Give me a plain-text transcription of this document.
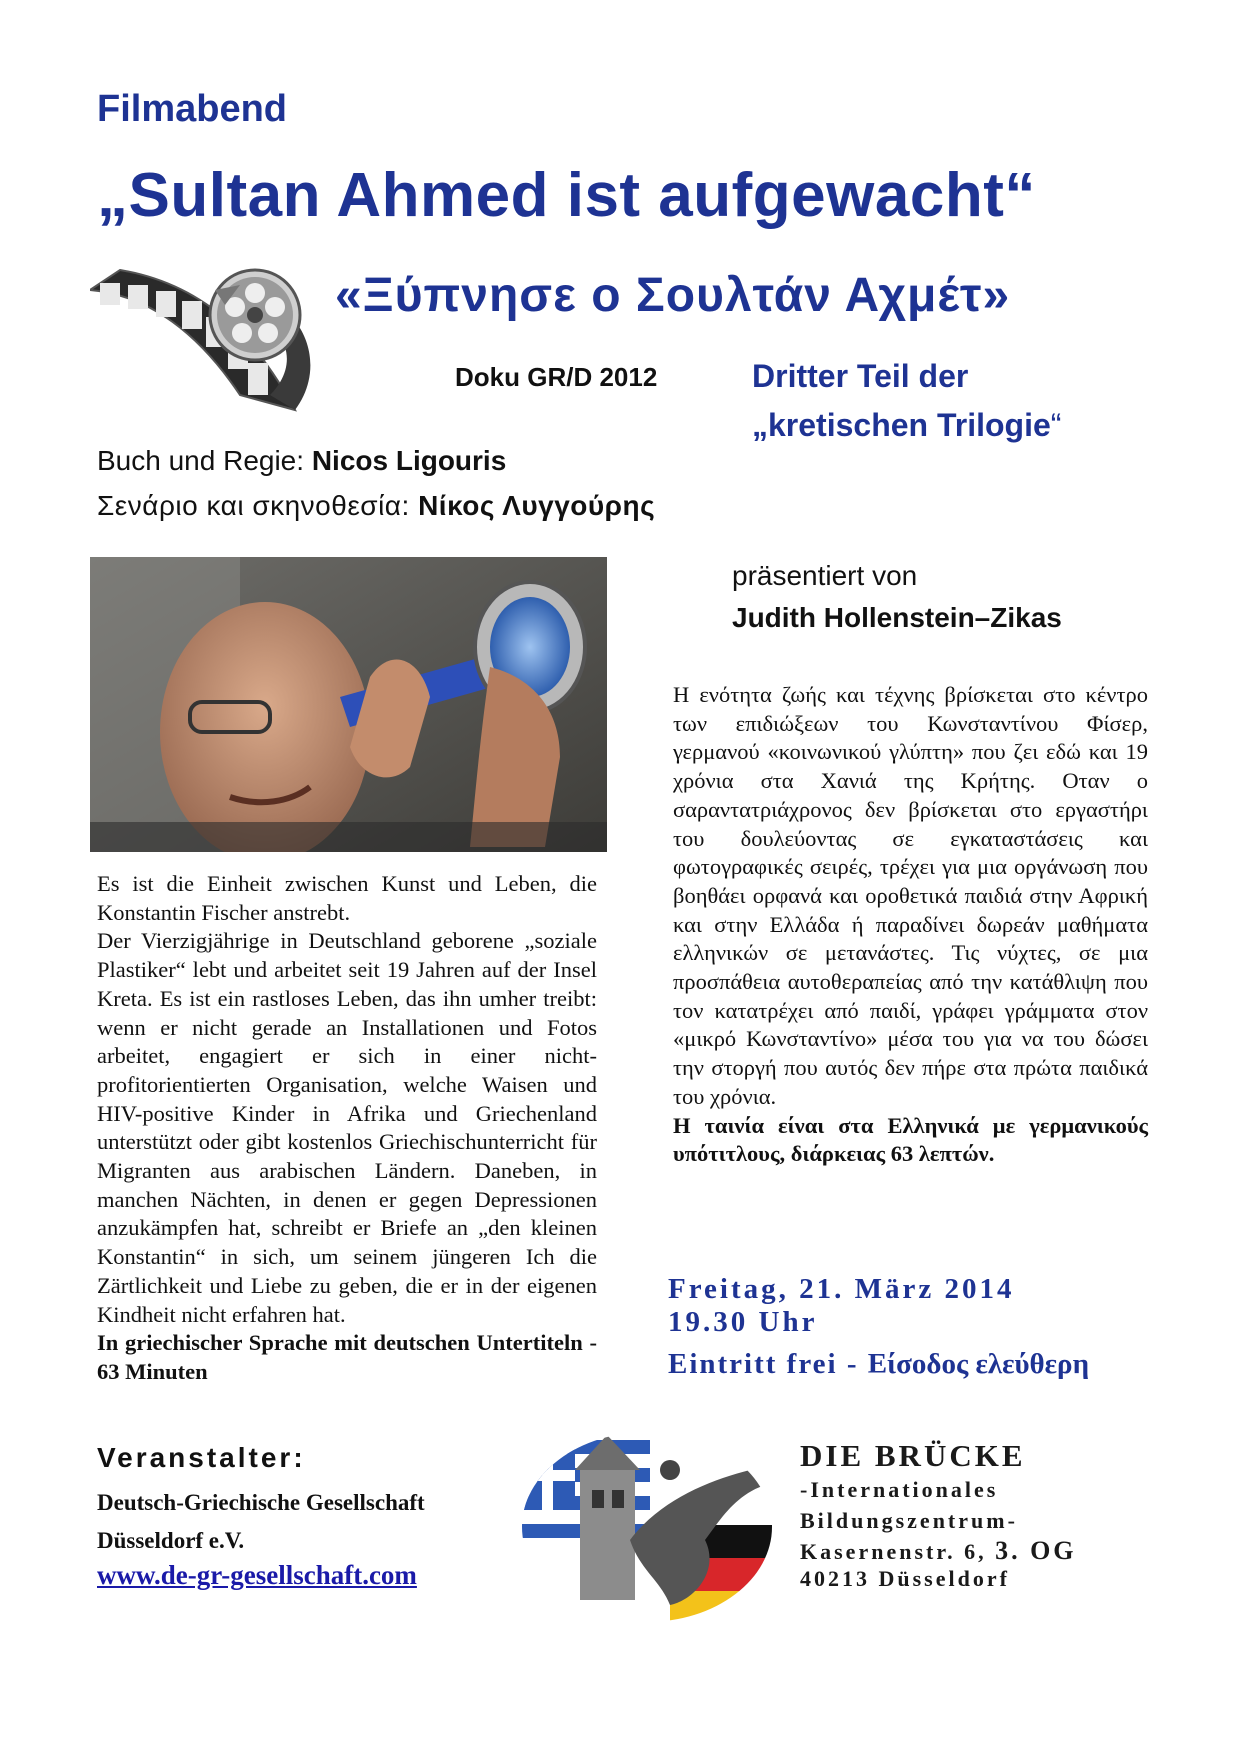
Filmabend
„Sultan Ahmed ist aufgewacht“
«Ξύπνησε ο Σουλτάν Αχμέτ»
Doku GR/D 2012	Dritter Teil der
„kretischen Trilogie“
Buch und Regie: Nicos Ligouris
Σενάριο και σκηνοθεσία: Νίκος Λυγγούρης
präsentiert von
Judith Hollenstein–Zikas
Η ενότητα ζωής και τέχνης βρίσκεται στο κέντρο των επιδιώξεων του Κωνσταντίνου Φίσερ, γερμανού «κοινωνικού γλύπτη» που ζει εδώ και 19 χρόνια στα Χανιά της Κρήτης. Οταν ο σαραντατριάχρονος δεν βρίσκεται στο εργαστήρι του δουλεύοντας σε εγκαταστάσεις και φωτογραφικές σειρές, τρέχει για μια οργάνωση που βοηθάει ορφανά και οροθετικά παιδιά στην Αφρική και στην Ελλάδα ή παραδίνει δωρεάν μαθήματα ελληνικών σε μετανάστες. Τις νύχτες, σε μια προσπάθεια αυτοθεραπείας από την κατάθλιψη που τον κατατρέχει από παιδί, γράφει γράμματα στον «μικρό Κωνσταντίνο» μέσα του για να του δώσει την στοργή που αυτός δεν πήρε στα πρώτα παιδικά του χρόνια.
Η ταινία είναι στα Ελληνικά με γερμανικούς υπότιτλους, διάρκειας 63 λεπτών.
Es ist die Einheit zwischen Kunst und Leben, die Konstantin Fischer anstrebt.
Der Vierzigjährige in Deutschland geborene „soziale Plastiker“ lebt und arbeitet seit 19 Jahren auf der Insel Kreta. Es ist ein rastloses Leben, das ihn umher treibt: wenn er nicht gerade an Installationen und Fotos arbeitet, engagiert er sich in einer nicht-profitorientierten Organisation, welche Waisen und HIV-positive Kinder in Afrika und Griechenland unterstützt oder gibt kostenlos Griechischunterricht für Migranten aus arabischen Ländern. Daneben, in manchen Nächten, in denen er gegen Depressionen anzukämpfen hat, schreibt er Briefe an „den kleinen Konstantin“ in sich, um seinem jüngeren Ich die Zärtlichkeit und Liebe zu geben, die er in der eigenen Kindheit nicht erfahren hat.
In griechischer Sprache mit deutschen Untertiteln - 63 Minuten
Freitag, 21. März 2014
19.30 Uhr
Eintritt frei - Είσοδος ελεύθερη
Veranstalter:
Deutsch-Griechische Gesellschaft
Düsseldorf e.V.
www.de-gr-gesellschaft.com
DIE BRÜCKE
-Internationales
Bildungszentrum-
Kasernenstr. 6, 3. OG
40213 Düsseldorf
